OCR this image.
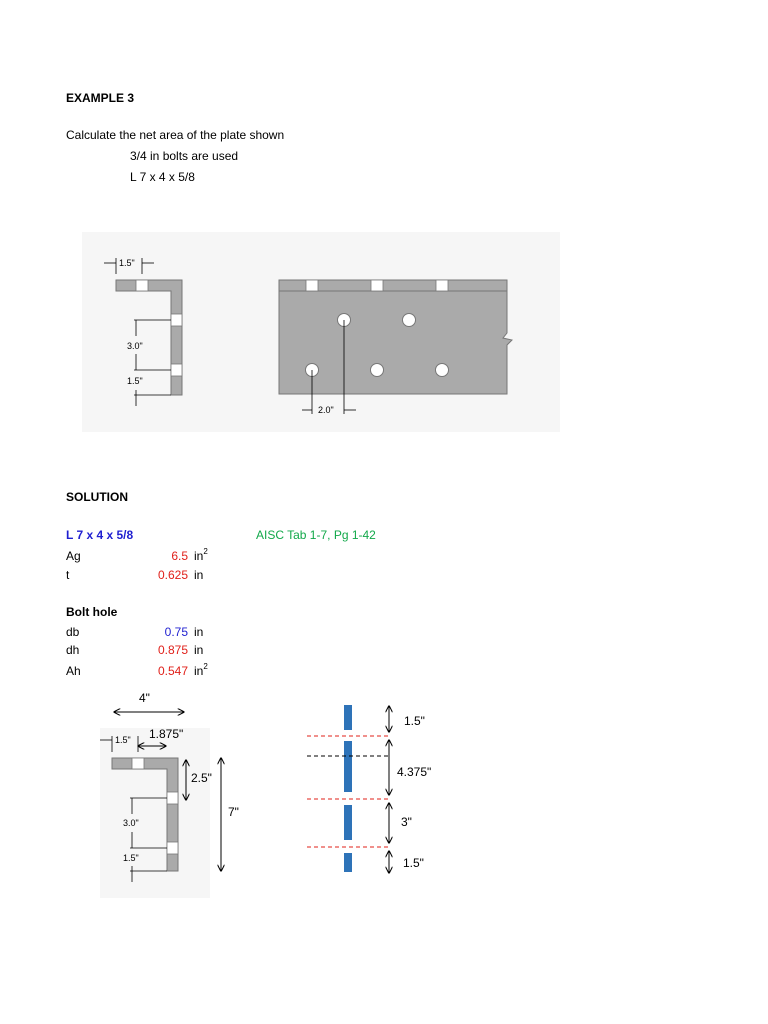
EXAMPLE 3
Calculate the net area of the plate shown
3/4 in bolts are used
L 7 x 4 x 5/8
1.5"
3.0"
1.5"
2.0"
SOLUTION
L 7 x 4 x 5/8	AISC Tab 1-7, Pg 1-42
Ag	6.5 $in^2$
t	0.625 in
Bolt hole
db	0.75 in
dh	0.875 in
Ah	0.547 $in^2$
1.5"
3.0"
1.5"
4"
1.875"
2.5"
7"
1.5"
4.375"
3"
1.5"
